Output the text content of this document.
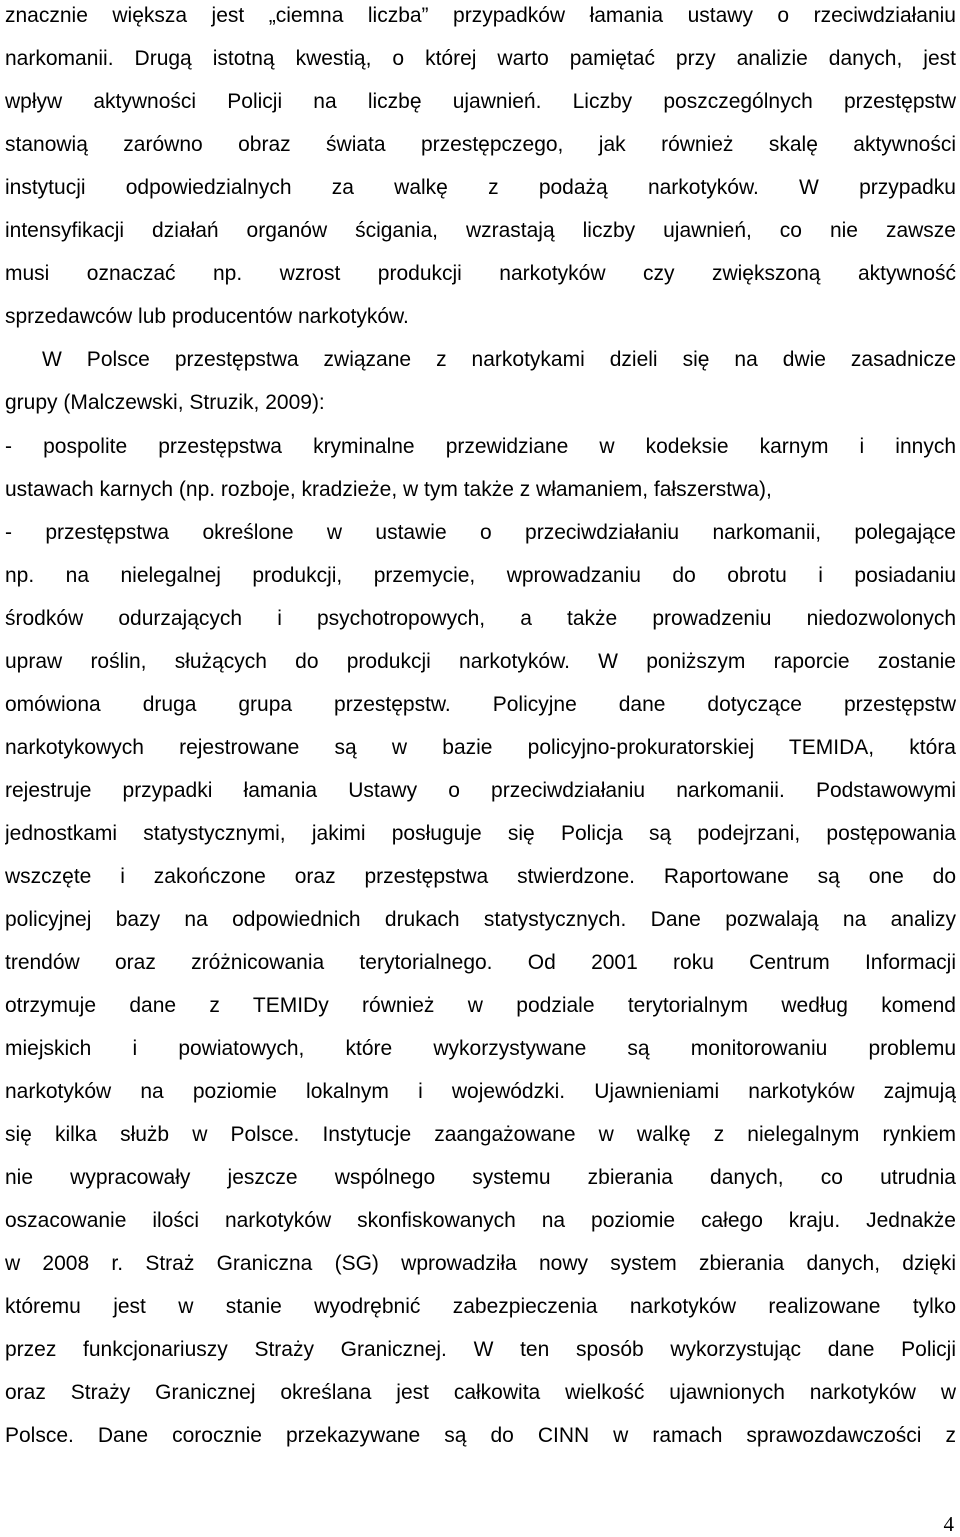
znacznie większa jest „ciemna liczba” przypadków łamania ustawy o rzeciwdziałaniu
narkomanii. Drugą istotną kwestią, o której warto pamiętać przy analizie danych, jest
wpływ aktywności Policji na liczbę ujawnień. Liczby poszczególnych przestępstw
stanowią zarówno obraz świata przestępczego, jak również skalę aktywności
instytucji odpowiedzialnych za walkę z podażą narkotyków. W przypadku
intensyfikacji działań organów ścigania, wzrastają liczby ujawnień, co nie zawsze
musi oznaczać np. wzrost produkcji narkotyków czy zwiększoną aktywność
sprzedawców lub producentów narkotyków.
W Polsce przestępstwa związane z narkotykami dzieli się na dwie zasadnicze
grupy (Malczewski, Struzik, 2009):
- pospolite przestępstwa kryminalne przewidziane w kodeksie karnym i innych
ustawach karnych (np. rozboje, kradzieże, w tym także z włamaniem, fałszerstwa),
- przestępstwa określone w ustawie o przeciwdziałaniu narkomanii, polegające
np. na nielegalnej produkcji, przemycie, wprowadzaniu do obrotu i posiadaniu
środków odurzających i psychotropowych, a także prowadzeniu niedozwolonych
upraw roślin, służących do produkcji narkotyków. W poniższym raporcie zostanie
omówiona druga grupa przestępstw. Policyjne dane dotyczące przestępstw
narkotykowych rejestrowane są w bazie policyjno-prokuratorskiej TEMIDA, która
rejestruje przypadki łamania Ustawy o przeciwdziałaniu narkomanii. Podstawowymi
jednostkami statystycznymi, jakimi posługuje się Policja są podejrzani, postępowania
wszczęte i zakończone oraz przestępstwa stwierdzone. Raportowane są one do
policyjnej bazy na odpowiednich drukach statystycznych. Dane pozwalają na analizy
trendów oraz zróżnicowania terytorialnego. Od 2001 roku Centrum Informacji
otrzymuje dane z TEMIDy również w podziale terytorialnym według komend
miejskich i powiatowych, które wykorzystywane są monitorowaniu problemu
narkotyków na poziomie lokalnym i wojewódzki. Ujawnieniami narkotyków zajmują
się kilka służb w Polsce. Instytucje zaangażowane w walkę z nielegalnym rynkiem
nie wypracowały jeszcze wspólnego systemu zbierania danych, co utrudnia
oszacowanie ilości narkotyków skonfiskowanych na poziomie całego kraju. Jednakże
w 2008 r. Straż Graniczna (SG) wprowadziła nowy system zbierania danych, dzięki
któremu jest w stanie wyodrębnić zabezpieczenia narkotyków realizowane tylko
przez funkcjonariuszy Straży Granicznej. W ten sposób wykorzystując dane Policji
oraz Straży Granicznej określana jest całkowita wielkość ujawnionych narkotyków w
Polsce. Dane corocznie przekazywane są do CINN w ramach sprawozdawczości z
4
